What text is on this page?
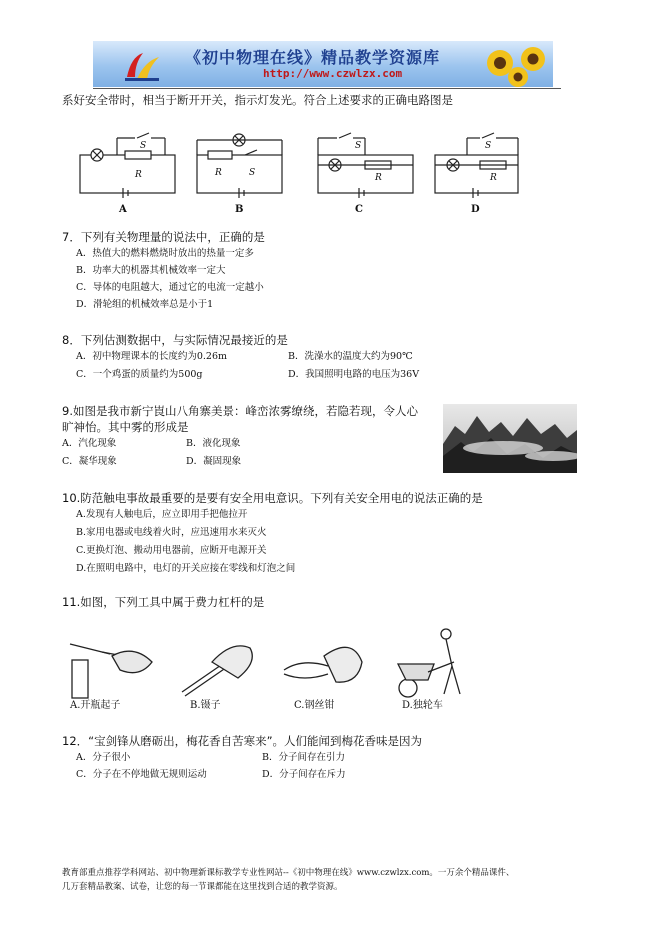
《初中物理在线》精品教学资源库
http://www.czwlzx.com
系好安全带时，相当于断开开关，指示灯发光。符合上述要求的正确电路图是
S
R	R	S
S
R
S
R
A	B	C	D
7．下列有关物理量的说法中，正确的是
A．热值大的燃料燃烧时放出的热量一定多
B．功率大的机器其机械效率一定大
C．导体的电阻越大，通过它的电流一定越小
D．滑轮组的机械效率总是小于1
8．下列估测数据中，与实际情况最接近的是
A．初中物理课本的长度约为0.26m	B．洗澡水的温度大约为90℃
C．一个鸡蛋的质量约为500g	D．我国照明电路的电压为36V
9.如图是我市新宁崀山八角寨美景：峰峦浓雾缭绕，若隐若现，令人心
旷神怡。其中雾的形成是
A．汽化现象	B．液化现象
C．凝华现象	D．凝固现象
10.防范触电事故最重要的是要有安全用电意识。下列有关安全用电的说法正确的是
A.发现有人触电后，应立即用手把他拉开
B.家用电器或电线着火时，应迅速用水来灭火
C.更换灯泡、搬动用电器前，应断开电源开关
D.在照明电路中，电灯的开关应接在零线和灯泡之间
11.如图，下列工具中属于费力杠杆的是
A.开瓶起子	B.镊子	C.钢丝钳	D.独轮车
12．“宝剑锋从磨砺出，梅花香自苦寒来”。人们能闻到梅花香味是因为
A．分子很小	B．分子间存在引力
C．分子在不停地做无规则运动	D．分子间存在斥力
教育部重点推荐学科网站、初中物理新课标教学专业性网站--《初中物理在线》www.czwlzx.com。一万余个精品课件、
几万套精品教案、试卷，让您的每一节课都能在这里找到合适的教学资源。
